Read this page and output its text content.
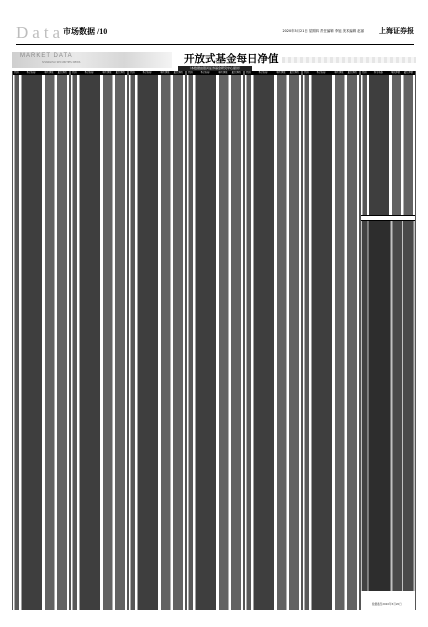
Data
市场数据 /10	2020年5月21日 星期四 责任编辑 李旭 美术编辑 赵丽 上海证券报
MARKET DATA
SHANGHAI SECURITIES NEWS	开放式基金每日净值
（本数据由银河证券基金研究中心提供）
代码	基金名称	单位净值	累计净值	代码	基金名称	单位净值	累计净值	代码	基金名称	单位净值	累计净值	代码	基金名称	单位净值	累计净值	代码	基金名称	单位净值	累计净值	代码	基金名称	单位净值	累计净值	代码	基金名称	单位净值	累计净值
数据截至2020年5月20日
